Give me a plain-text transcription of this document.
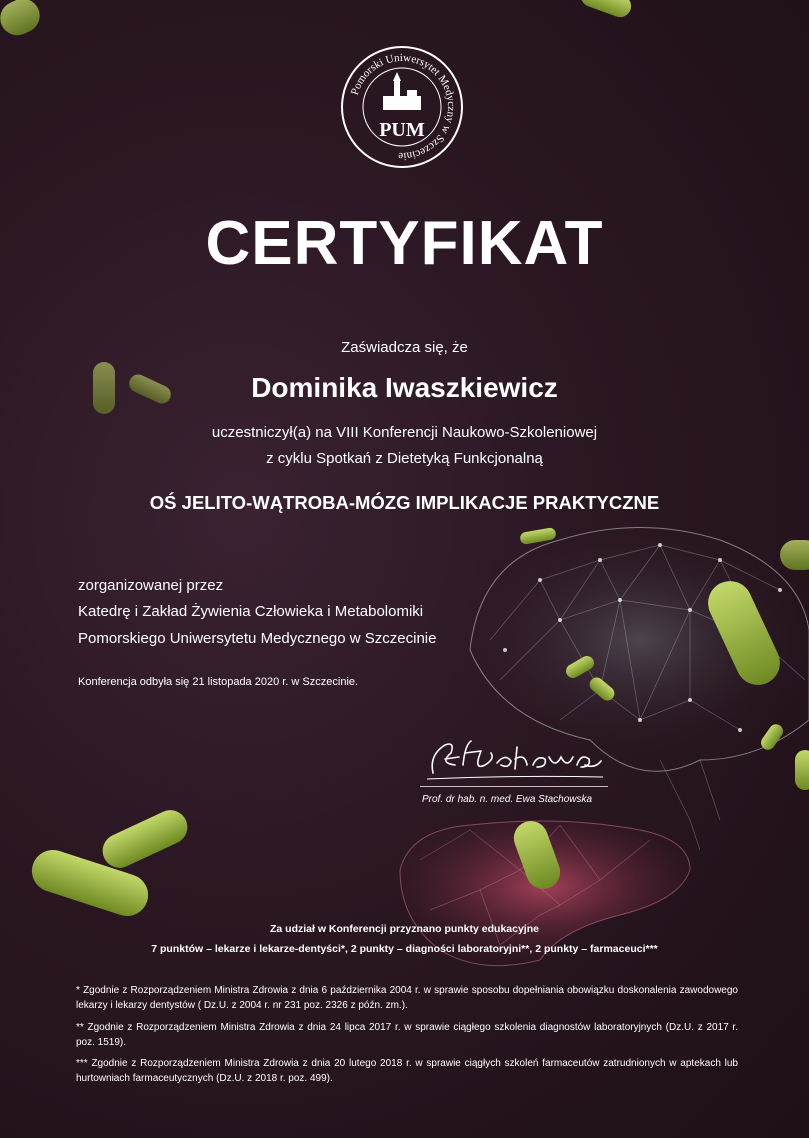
Pomorski Uniwersytet Medyczny w Szczecinie
PUM
CERTYFIKAT
Zaświadcza się, że
Dominika Iwaszkiewicz
uczestniczył(a) na VIII Konferencji Naukowo-Szkoleniowej
z cyklu Spotkań z Dietetyką Funkcjonalną
OŚ JELITO-WĄTROBA-MÓZG IMPLIKACJE PRAKTYCZNE
zorganizowanej przez
Katedrę i Zakład Żywienia Człowieka i Metabolomiki
Pomorskiego Uniwersytetu Medycznego w Szczecinie
Konferencja odbyła się 21 listopada 2020 r. w Szczecinie.
Prof. dr hab. n. med. Ewa Stachowska
Za udział w Konferencji przyznano punkty edukacyjne
7 punktów – lekarze i lekarze-dentyści*, 2 punkty – diagności laboratoryjni**, 2 punkty – farmaceuci***
* Zgodnie z Rozporządzeniem Ministra Zdrowia z dnia 6 października 2004 r. w sprawie sposobu dopełniania obowiązku doskonalenia zawodowego lekarzy i lekarzy dentystów ( Dz.U. z 2004 r. nr 231 poz. 2326 z późn. zm.).
** Zgodnie z Rozporządzeniem Ministra Zdrowia z dnia 24 lipca 2017 r. w sprawie ciągłego szkolenia diagnostów laboratoryjnych (Dz.U. z 2017 r. poz. 1519).
*** Zgodnie z Rozporządzeniem Ministra Zdrowia z dnia 20 lutego 2018 r. w sprawie ciągłych szkoleń farmaceutów zatrudnionych w aptekach lub hurtowniach farmaceutycznych (Dz.U. z 2018 r. poz. 499).
